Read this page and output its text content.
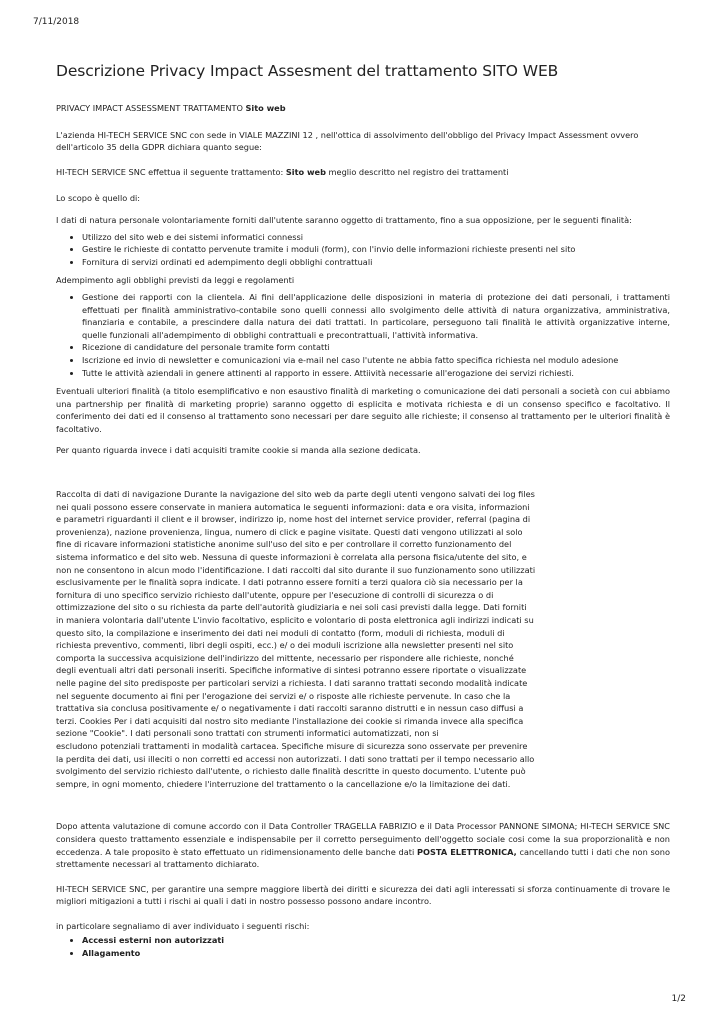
7/11/2018
Descrizione Privacy Impact Assesment del trattamento SITO WEB

PRIVACY IMPACT ASSESSMENT TRATTAMENTO Sito web

L'azienda HI-TECH SERVICE SNC con sede in VIALE MAZZINI 12 , nell'ottica di assolvimento dell'obbligo del Privacy Impact Assessment ovvero dell'articolo 35 della GDPR dichiara quanto segue:

HI-TECH SERVICE SNC effettua il seguente trattamento: Sito web meglio descritto nel registro dei trattamenti

Lo scopo è quello di:

I dati di natura personale volontariamente forniti dall'utente saranno oggetto di trattamento, fino a sua opposizione, per le seguenti finalità:

• Utilizzo del sito web e dei sistemi informatici connessi
• Gestire le richieste di contatto pervenute tramite i moduli (form), con l'invio delle informazioni richieste presenti nel sito
• Fornitura di servizi ordinati ed adempimento degli obblighi contrattuali

Adempimento agli obblighi previsti da leggi e regolamenti

• Gestione dei rapporti con la clientela. Ai fini dell'applicazione delle disposizioni in materia di protezione dei dati personali, i trattamenti effettuati per finalità amministrativo-contabile sono quelli connessi allo svolgimento delle attività di natura organizzativa, amministrativa, finanziaria e contabile, a prescindere dalla natura dei dati trattati. In particolare, perseguono tali finalità le attività organizzative interne, quelle funzionali all'adempimento di obblighi contrattuali e precontrattuali, l'attività informativa.
• Ricezione di candidature del personale tramite form contatti
• Iscrizione ed invio di newsletter e comunicazioni via e-mail nel caso l'utente ne abbia fatto specifica richiesta nel modulo adesione
• Tutte le attività aziendali in genere attinenti al rapporto in essere. Attiività necessarie all'erogazione dei servizi richiesti.

Eventuali ulteriori finalità (a titolo esemplificativo e non esaustivo finalità di marketing o comunicazione dei dati personali a società con cui abbiamo una partnership per finalità di marketing proprie) saranno oggetto di esplicita e motivata richiesta e di un consenso specifico e facoltativo. Il conferimento dei dati ed il consenso al trattamento sono necessari per dare seguito alle richieste; il consenso al trattamento per le ulteriori finalità è facoltativo.

Per quanto riguarda invece i dati acquisiti tramite cookie si manda alla sezione dedicata.

Raccolta di dati di navigazione Durante la navigazione del sito web da parte degli utenti vengono salvati dei log files
nei quali possono essere conservate in maniera automatica le seguenti informazioni: data e ora visita, informazioni
e parametri riguardanti il client e il browser, indirizzo ip, nome host del internet service provider, referral (pagina di
provenienza), nazione provenienza, lingua, numero di click e pagine visitate. Questi dati vengono utilizzati al solo
fine di ricavare informazioni statistiche anonime sull'uso del sito e per controllare il corretto funzionamento del
sistema informatico e del sito web. Nessuna di queste informazioni è correlata alla persona fisica/utente del sito, e
non ne consentono in alcun modo l'identificazione. I dati raccolti dal sito durante il suo funzionamento sono utilizzati
esclusivamente per le finalità sopra indicate. I dati potranno essere forniti a terzi qualora ciò sia necessario per la
fornitura di uno specifico servizio richiesto dall'utente, oppure per l'esecuzione di controlli di sicurezza o di
ottimizzazione del sito o su richiesta da parte dell'autorità giudiziaria e nei soli casi previsti dalla legge. Dati forniti
in maniera volontaria dall'utente L'invio facoltativo, esplicito e volontario di posta elettronica agli indirizzi indicati su
questo sito, la compilazione e inserimento dei dati nei moduli di contatto (form, moduli di richiesta, moduli di
richiesta preventivo, commenti, libri degli ospiti, ecc.) e/ o dei moduli iscrizione alla newsletter presenti nel sito
comporta la successiva acquisizione dell'indirizzo del mittente, necessario per rispondere alle richieste, nonché
degli eventuali altri dati personali inseriti. Specifiche informative di sintesi potranno essere riportate o visualizzate
nelle pagine del sito predisposte per particolari servizi a richiesta. I dati saranno trattati secondo modalità indicate
nel seguente documento ai fini per l'erogazione dei servizi e/ o risposte alle richieste pervenute. In caso che la
trattativa sia conclusa positivamente e/ o negativamente i dati raccolti saranno distrutti e in nessun caso diffusi a
terzi. Cookies Per i dati acquisiti dal nostro sito mediante l'installazione dei cookie si rimanda invece alla specifica
sezione "Cookie". I dati personali sono trattati con strumenti informatici automatizzati, non si
escludono potenziali trattamenti in modalità cartacea. Specifiche misure di sicurezza sono osservate per prevenire
la perdita dei dati, usi illeciti o non corretti ed accessi non autorizzati. I dati sono trattati per il tempo necessario allo
svolgimento del servizio richiesto dall'utente, o richiesto dalle finalità descritte in questo documento. L'utente può
sempre, in ogni momento, chiedere l'interruzione del trattamento o la cancellazione e/o la limitazione dei dati.

Dopo attenta valutazione di comune accordo con il Data Controller TRAGELLA FABRIZIO e il Data Processor PANNONE SIMONA; HI-TECH SERVICE SNC considera questo trattamento essenziale e indispensabile per il corretto perseguimento dell'oggetto sociale cosi come la sua proporzionalità e non eccedenza. A tale proposito è stato effettuato un ridimensionamento delle banche dati POSTA ELETTRONICA, cancellando tutti i dati che non sono strettamente necessari al trattamento dichiarato.

HI-TECH SERVICE SNC, per garantire una sempre maggiore libertà dei diritti e sicurezza dei dati agli interessati si sforza continuamente di trovare le migliori mitigazioni a tutti i rischi ai quali i dati in nostro possesso possono andare incontro.

in particolare segnaliamo di aver individuato i seguenti rischi:

• Accessi esterni non autorizzati
• Allagamento
1/2
